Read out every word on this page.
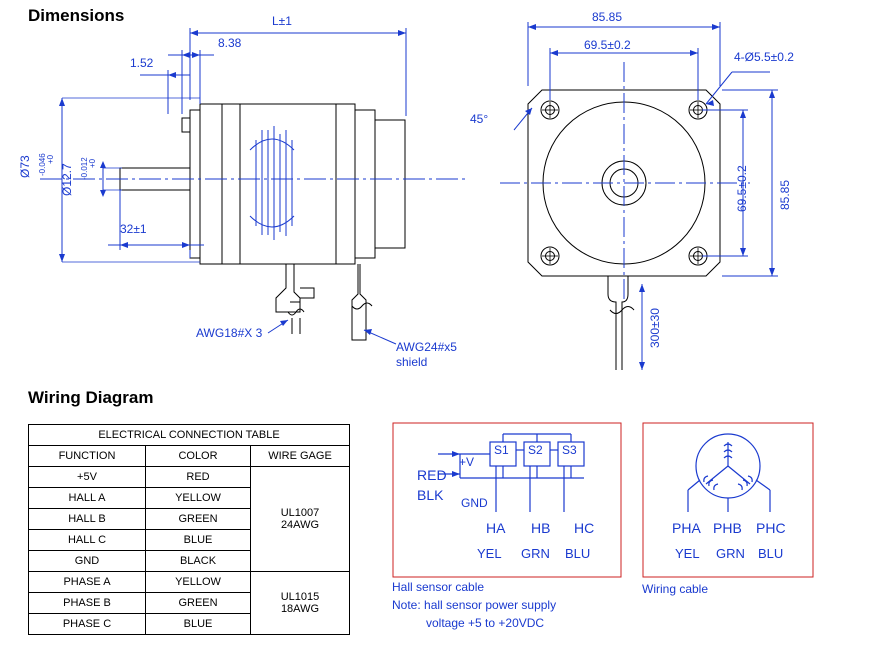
Dimensions
Wiring Diagram
L±1
8.38
1.52
32±1
Ø73 +0
-0.046 Ø12.7 +0
-0.012
AWG18#X 3
AWG24#x5
shield
85.85
69.5±0.2
4-Ø5.5±0.2
45°
69.5±0.2 85.85
300±30
ELECTRICAL CONNECTION TABLE		
FUNCTION	COLOR	WIRE GAGE
+5V	RED	UL1007
24AWG

HALL A	YELLOW	
HALL B	GREEN	
HALL C	BLUE	
GND	BLACK	
PHASE A	YELLOW	UL1015
18AWG

PHASE B	GREEN	
PHASE C	BLUE	
RED
BLK
+V
GND
S1 S2 S3
HA HB HC
YEL GRN BLU
Hall sensor cable
Note: hall sensor power supply
voltage +5 to +20VDC
PHA PHB PHC
YEL GRN BLU
Wiring cable
